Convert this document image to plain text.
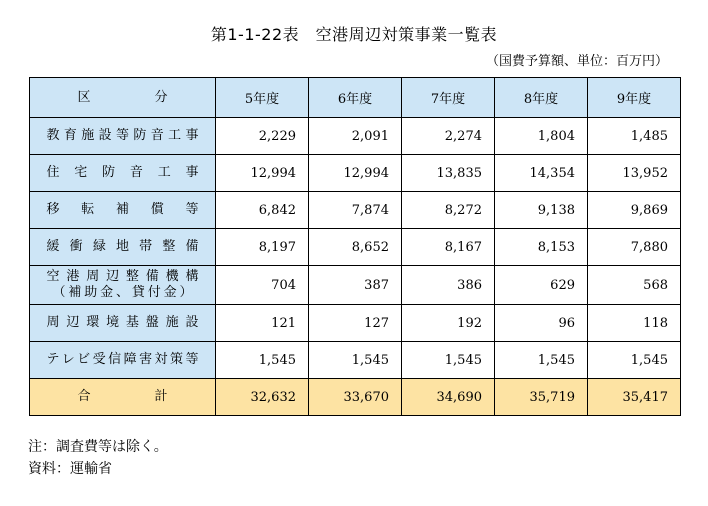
第1-1-22表　空港周辺対策事業一覧表
（国費予算額、単位：百万円）
区　　分	5年度	6年度	7年度	8年度	9年度
教育施設等防音工事	2,229	2,091	2,274	1,804	1,485
住宅防音工事	12,994	12,994	13,835	14,354	13,952
移転補償等	6,842	7,874	8,272	9,138	9,869
緩衝緑地帯整備	8,197	8,652	8,167	8,153	7,880

空港周辺整備機構
（補助金、貸付金）	704	387	386	629	568
周辺環境基盤施設	121	127	192	96	118
テレビ受信障害対策等	1,545	1,545	1,545	1,545	1,545
合　　計	32,632	33,670	34,690	35,719	35,417
注：調査費等は除く。
資料：運輸省
